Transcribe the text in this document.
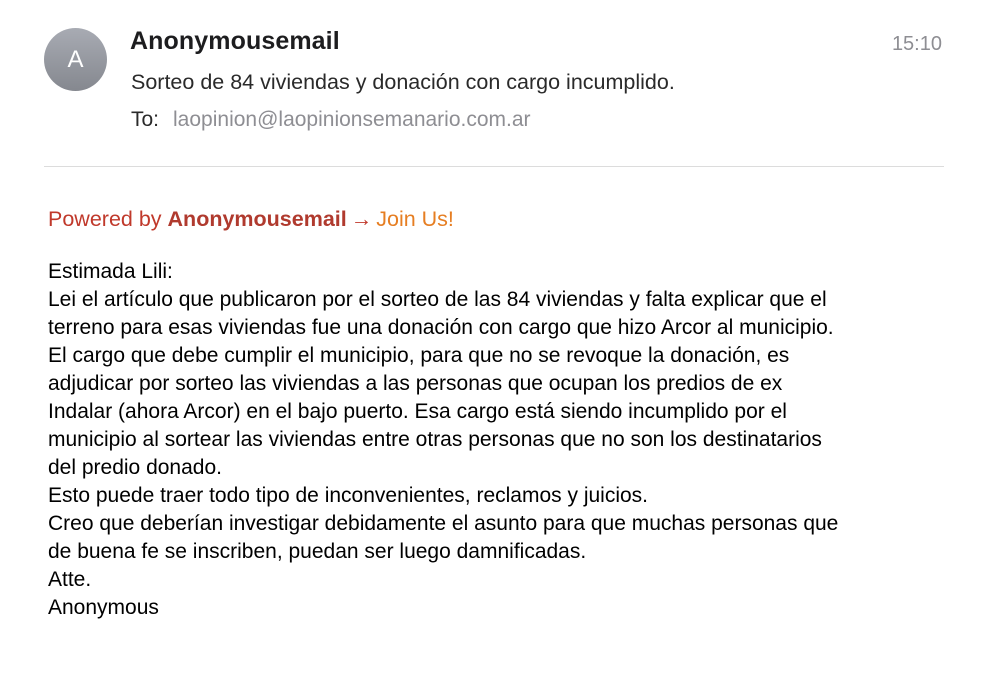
A
Anonymousemail	15:10
Sorteo de 84 viviendas y donación con cargo incumplido.
To: laopinion@laopinionsemanario.com.ar
Powered by Anonymousemail → Join Us!
Estimada Lili:
Lei el artículo que publicaron por el sorteo de las 84 viviendas y falta explicar que el
terreno para esas viviendas fue una donación con cargo que hizo Arcor al municipio.
El cargo que debe cumplir el municipio, para que no se revoque la donación, es
adjudicar por sorteo las viviendas a las personas que ocupan los predios de ex
Indalar (ahora Arcor) en el bajo puerto. Esa cargo está siendo incumplido por el
municipio al sortear las viviendas entre otras personas que no son los destinatarios
del predio donado.
Esto puede traer todo tipo de inconvenientes, reclamos y juicios.
Creo que deberían investigar debidamente el asunto para que muchas personas que
de buena fe se inscriben, puedan ser luego damnificadas.
Atte.
Anonymous
